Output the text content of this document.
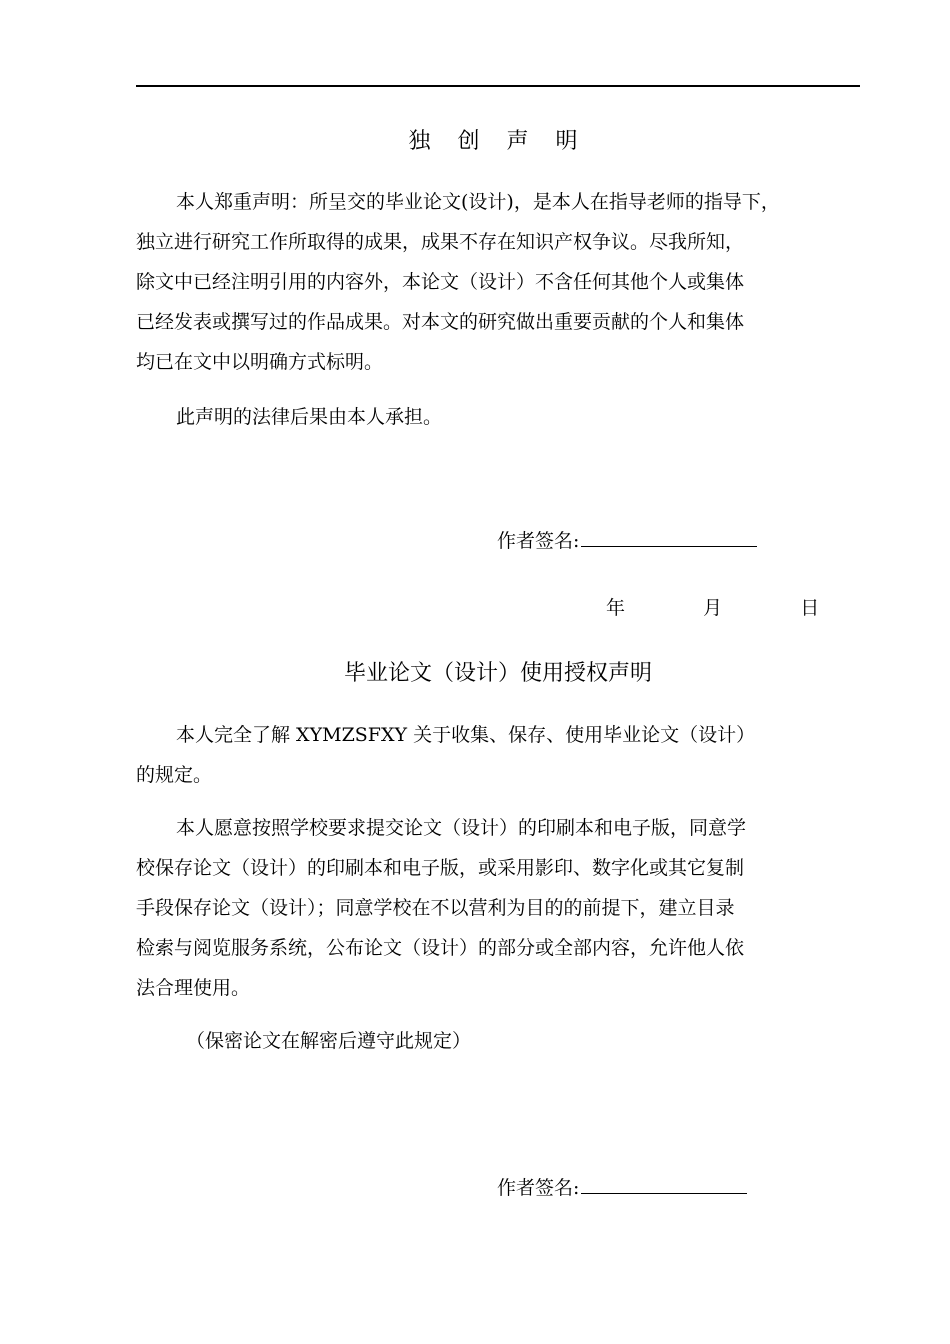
独 创 声 明
本人郑重声明：所呈交的毕业论文(设计)，是本人在指导老师的指导下，
独立进行研究工作所取得的成果，成果不存在知识产权争议。尽我所知，
除文中已经注明引用的内容外，本论文（设计）不含任何其他个人或集体
已经发表或撰写过的作品成果。对本文的研究做出重要贡献的个人和集体
均已在文中以明确方式标明。
此声明的法律后果由本人承担。
作者签名:
年	月	日
毕业论文（设计）使用授权声明
本人完全了解 XYMZSFXY 关于收集、保存、使用毕业论文（设计）
的规定。
本人愿意按照学校要求提交论文（设计）的印刷本和电子版，同意学
校保存论文（设计）的印刷本和电子版，或采用影印、数字化或其它复制
手段保存论文（设计）；同意学校在不以营利为目的的前提下，建立目录
检索与阅览服务系统，公布论文（设计）的部分或全部内容，允许他人依
法合理使用。
（保密论文在解密后遵守此规定）
作者签名:
